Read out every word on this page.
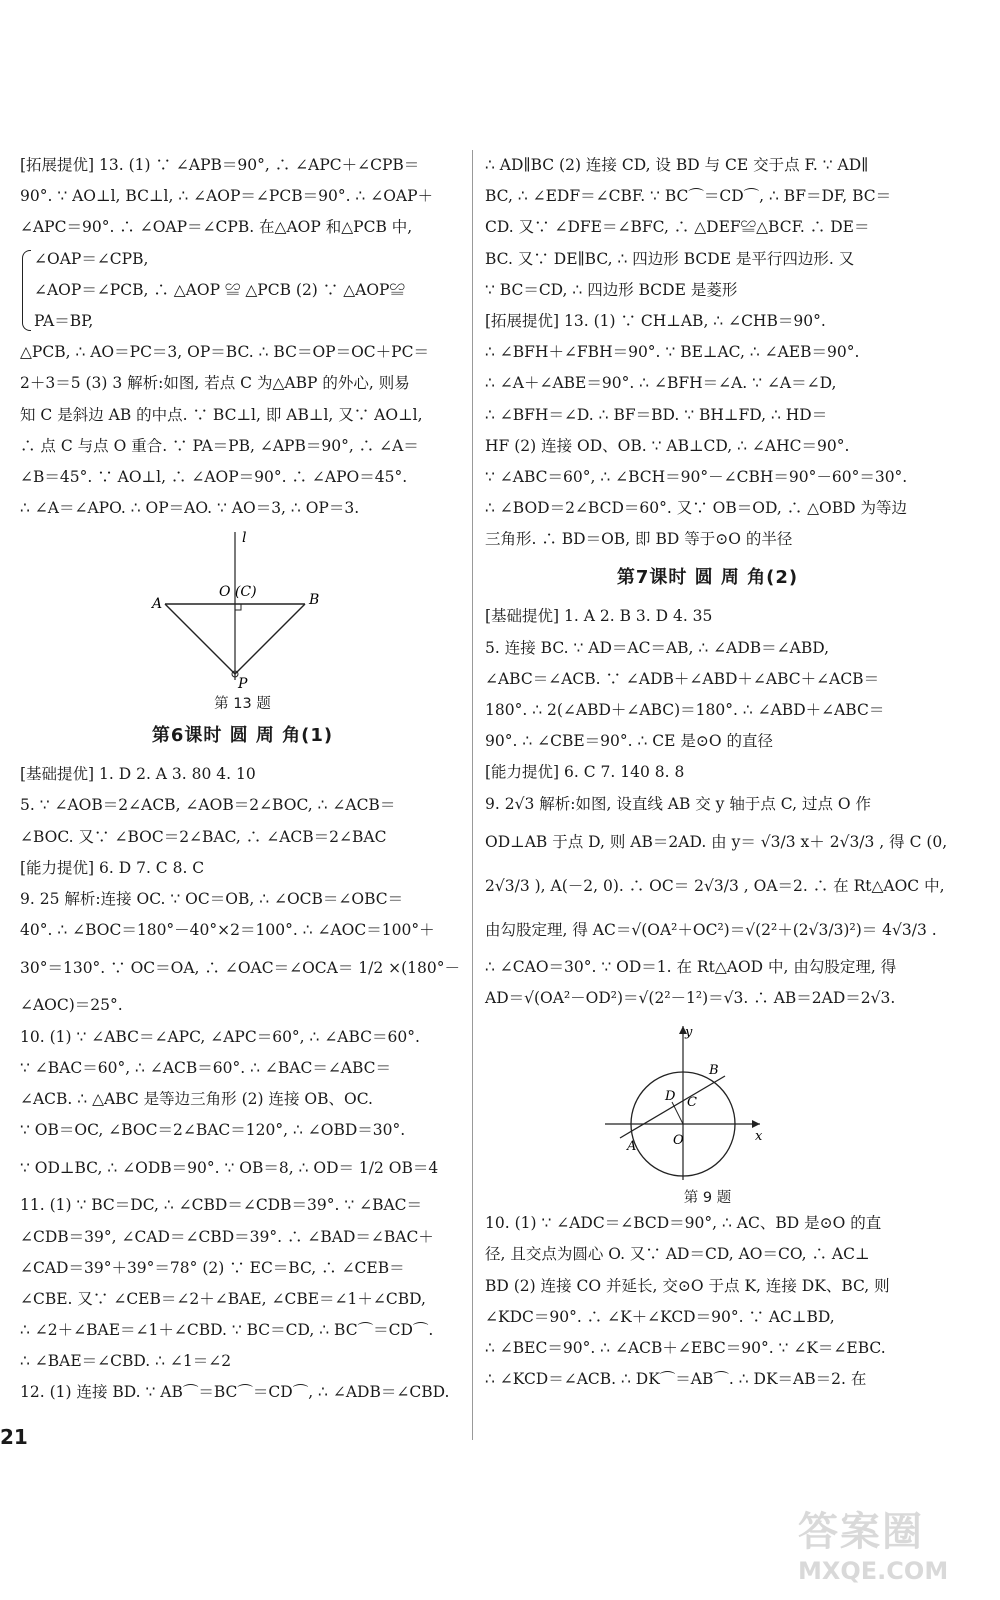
[拓展提优] 13. (1) ∵ ∠APB＝90°, ∴ ∠APC＋∠CPB＝
90°. ∵ AO⊥l, BC⊥l, ∴ ∠AOP＝∠PCB＝90°. ∴ ∠OAP＋
∠APC＝90°. ∴ ∠OAP＝∠CPB. 在△AOP 和△PCB 中,
∠OAP＝∠CPB,
∠AOP＝∠PCB, ∴ △AOP ≌ △PCB (2) ∵ △AOP≌
PA＝BP,
△PCB, ∴ AO＝PC＝3, OP＝BC. ∴ BC＝OP＝OC＋PC＝
2＋3＝5 (3) 3 解析:如图, 若点 C 为△ABP 的外心, 则易
知 C 是斜边 AB 的中点. ∵ BC⊥l, 即 AB⊥l, 又∵ AO⊥l,
∴ 点 C 与点 O 重合. ∵ PA＝PB, ∠APB＝90°, ∴ ∠A＝
∠B＝45°. ∵ AO⊥l, ∴ ∠AOP＝90°. ∴ ∠APO＝45°.
∴ ∠A＝∠APO. ∴ OP＝AO. ∵ AO＝3, ∴ OP＝3.
l
O (C)
A	B
P
第 13 题
第6课时 圆 周 角(1)
[基础提优] 1. D 2. A 3. 80 4. 10
5. ∵ ∠AOB＝2∠ACB, ∠AOB＝2∠BOC, ∴ ∠ACB＝
∠BOC. 又∵ ∠BOC＝2∠BAC, ∴ ∠ACB＝2∠BAC
[能力提优] 6. D 7. C 8. C
9. 25 解析:连接 OC. ∵ OC＝OB, ∴ ∠OCB＝∠OBC＝
40°. ∴ ∠BOC＝180°－40°×2＝100°. ∴ ∠AOC＝100°＋
30°＝130°. ∵ OC＝OA, ∴ ∠OAC＝∠OCA＝ 1/2 ×(180°－
∠AOC)＝25°.
10. (1) ∵ ∠ABC＝∠APC, ∠APC＝60°, ∴ ∠ABC＝60°.
∵ ∠BAC＝60°, ∴ ∠ACB＝60°. ∴ ∠BAC＝∠ABC＝
∠ACB. ∴ △ABC 是等边三角形 (2) 连接 OB、OC.
∵ OB＝OC, ∠BOC＝2∠BAC＝120°, ∴ ∠OBD＝30°.
∵ OD⊥BC, ∴ ∠ODB＝90°. ∵ OB＝8, ∴ OD＝ 1/2 OB＝4
11. (1) ∵ BC＝DC, ∴ ∠CBD＝∠CDB＝39°. ∵ ∠BAC＝
∠CDB＝39°, ∠CAD＝∠CBD＝39°. ∴ ∠BAD＝∠BAC＋
∠CAD＝39°＋39°＝78° (2) ∵ EC＝BC, ∴ ∠CEB＝
∠CBE. 又∵ ∠CEB＝∠2＋∠BAE, ∠CBE＝∠1＋∠CBD,
∴ ∠2＋∠BAE＝∠1＋∠CBD. ∵ BC＝CD, ∴ BC⌒＝CD⌒.
∴ ∠BAE＝∠CBD. ∴ ∠1＝∠2
12. (1) 连接 BD. ∵ AB⌒＝BC⌒＝CD⌒, ∴ ∠ADB＝∠CBD.
∴ AD∥BC (2) 连接 CD, 设 BD 与 CE 交于点 F. ∵ AD∥
BC, ∴ ∠EDF＝∠CBF. ∵ BC⌒＝CD⌒, ∴ BF＝DF, BC＝
CD. 又∵ ∠DFE＝∠BFC, ∴ △DEF≌△BCF. ∴ DE＝
BC. 又∵ DE∥BC, ∴ 四边形 BCDE 是平行四边形. 又
∵ BC＝CD, ∴ 四边形 BCDE 是菱形
[拓展提优] 13. (1) ∵ CH⊥AB, ∴ ∠CHB＝90°.
∴ ∠BFH＋∠FBH＝90°. ∵ BE⊥AC, ∴ ∠AEB＝90°.
∴ ∠A＋∠ABE＝90°. ∴ ∠BFH＝∠A. ∵ ∠A＝∠D,
∴ ∠BFH＝∠D. ∴ BF＝BD. ∵ BH⊥FD, ∴ HD＝
HF (2) 连接 OD、OB. ∵ AB⊥CD, ∴ ∠AHC＝90°.
∵ ∠ABC＝60°, ∴ ∠BCH＝90°－∠CBH＝90°－60°＝30°.
∴ ∠BOD＝2∠BCD＝60°. 又∵ OB＝OD, ∴ △OBD 为等边
三角形. ∴ BD＝OB, 即 BD 等于⊙O 的半径
第7课时 圆 周 角(2)
[基础提优] 1. A 2. B 3. D 4. 35
5. 连接 BC. ∵ AD＝AC＝AB, ∴ ∠ADB＝∠ABD,
∠ABC＝∠ACB. ∵ ∠ADB＋∠ABD＋∠ABC＋∠ACB＝
180°. ∴ 2(∠ABD＋∠ABC)＝180°. ∴ ∠ABD＋∠ABC＝
90°. ∴ ∠CBE＝90°. ∴ CE 是⊙O 的直径
[能力提优] 6. C 7. 140 8. 8
9. 2√3 解析:如图, 设直线 AB 交 y 轴于点 C, 过点 O 作
OD⊥AB 于点 D, 则 AB＝2AD. 由 y＝ √3/3 x＋ 2√3/3 , 得 C (0,
2√3/3 ), A(－2, 0). ∴ OC＝ 2√3/3 , OA＝2. ∴ 在 Rt△AOC 中,
由勾股定理, 得 AC＝√(OA²＋OC²)＝√(2²＋(2√3/3)²)＝ 4√3/3 .
∴ ∠CAO＝30°. ∵ OD＝1. 在 Rt△AOD 中, 由勾股定理, 得
AD＝√(OA²－OD²)＝√(2²－1²)＝√3. ∴ AB＝2AD＝2√3.
y
x
B
D C
A	O
第 9 题
10. (1) ∵ ∠ADC＝∠BCD＝90°, ∴ AC、BD 是⊙O 的直
径, 且交点为圆心 O. 又∵ AD＝CD, AO＝CO, ∴ AC⊥
BD (2) 连接 CO 并延长, 交⊙O 于点 K, 连接 DK、BC, 则
∠KDC＝90°. ∴ ∠K＋∠KCD＝90°. ∵ AC⊥BD,
∴ ∠BEC＝90°. ∴ ∠ACB＋∠EBC＝90°. ∵ ∠K＝∠EBC.
∴ ∠KCD＝∠ACB. ∴ DK⌒＝AB⌒. ∴ DK＝AB＝2. 在
21
答案圈
MXQE.COM
